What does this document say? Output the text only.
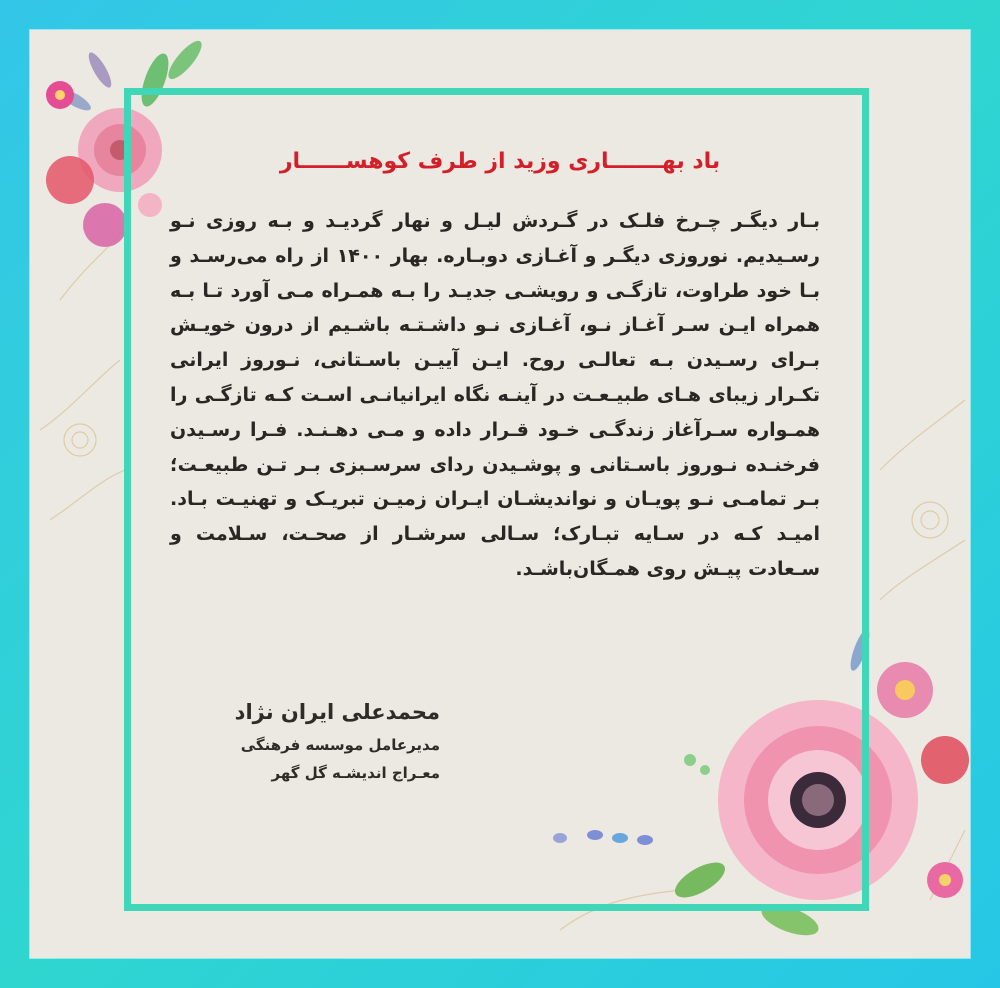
باد بهـــــــاری وزید از طرف کوهســــــار
بـار دیگـر چـرخ فلـک در گـردش لیـل و نهار گردیـد و بـه روزی نـو رسـیدیم. نوروزی دیگـر و آغـازی دوبـاره. بهار ۱۴۰۰ از راه می‌رسـد و بـا خود طراوت، تازگـی و رویشـی جدیـد را بـه همـراه مـی آورد تـا بـه همراه ایـن سـر آغـاز نـو، آغـازی نـو داشـتـه باشـیم از درون خویـش بـرای رسـیدن بـه تعالـی روح. ایـن آییـن باسـتانی، نـوروز ایرانی تکـرار زیبای هـای طبیـعـت در آینـه نگاه ایرانیانـی اسـت کـه تازگـی را همـواره سـرآغاز زندگـی خـود قـرار داده و مـی دهـنـد. فـرا رسـیدن فرخنـده نـوروز باسـتانی و پوشـیدن ردای سرسـبزی بـر تـن طبیعـت؛ بـر تمامـی نـو پویـان و نواندیشـان ایـران زمیـن تبریـک و تهنیـت بـاد. امیـد کـه در سـایه تبـارک؛ سـالی سرشـار از صحـت، سـلامت و سـعادت پیـش روی همـگان‌باشـد.
محمدعلی ایران نژاد
مدیرعامل موسسه فرهنگی
معـراج اندیشـه گل گهر
